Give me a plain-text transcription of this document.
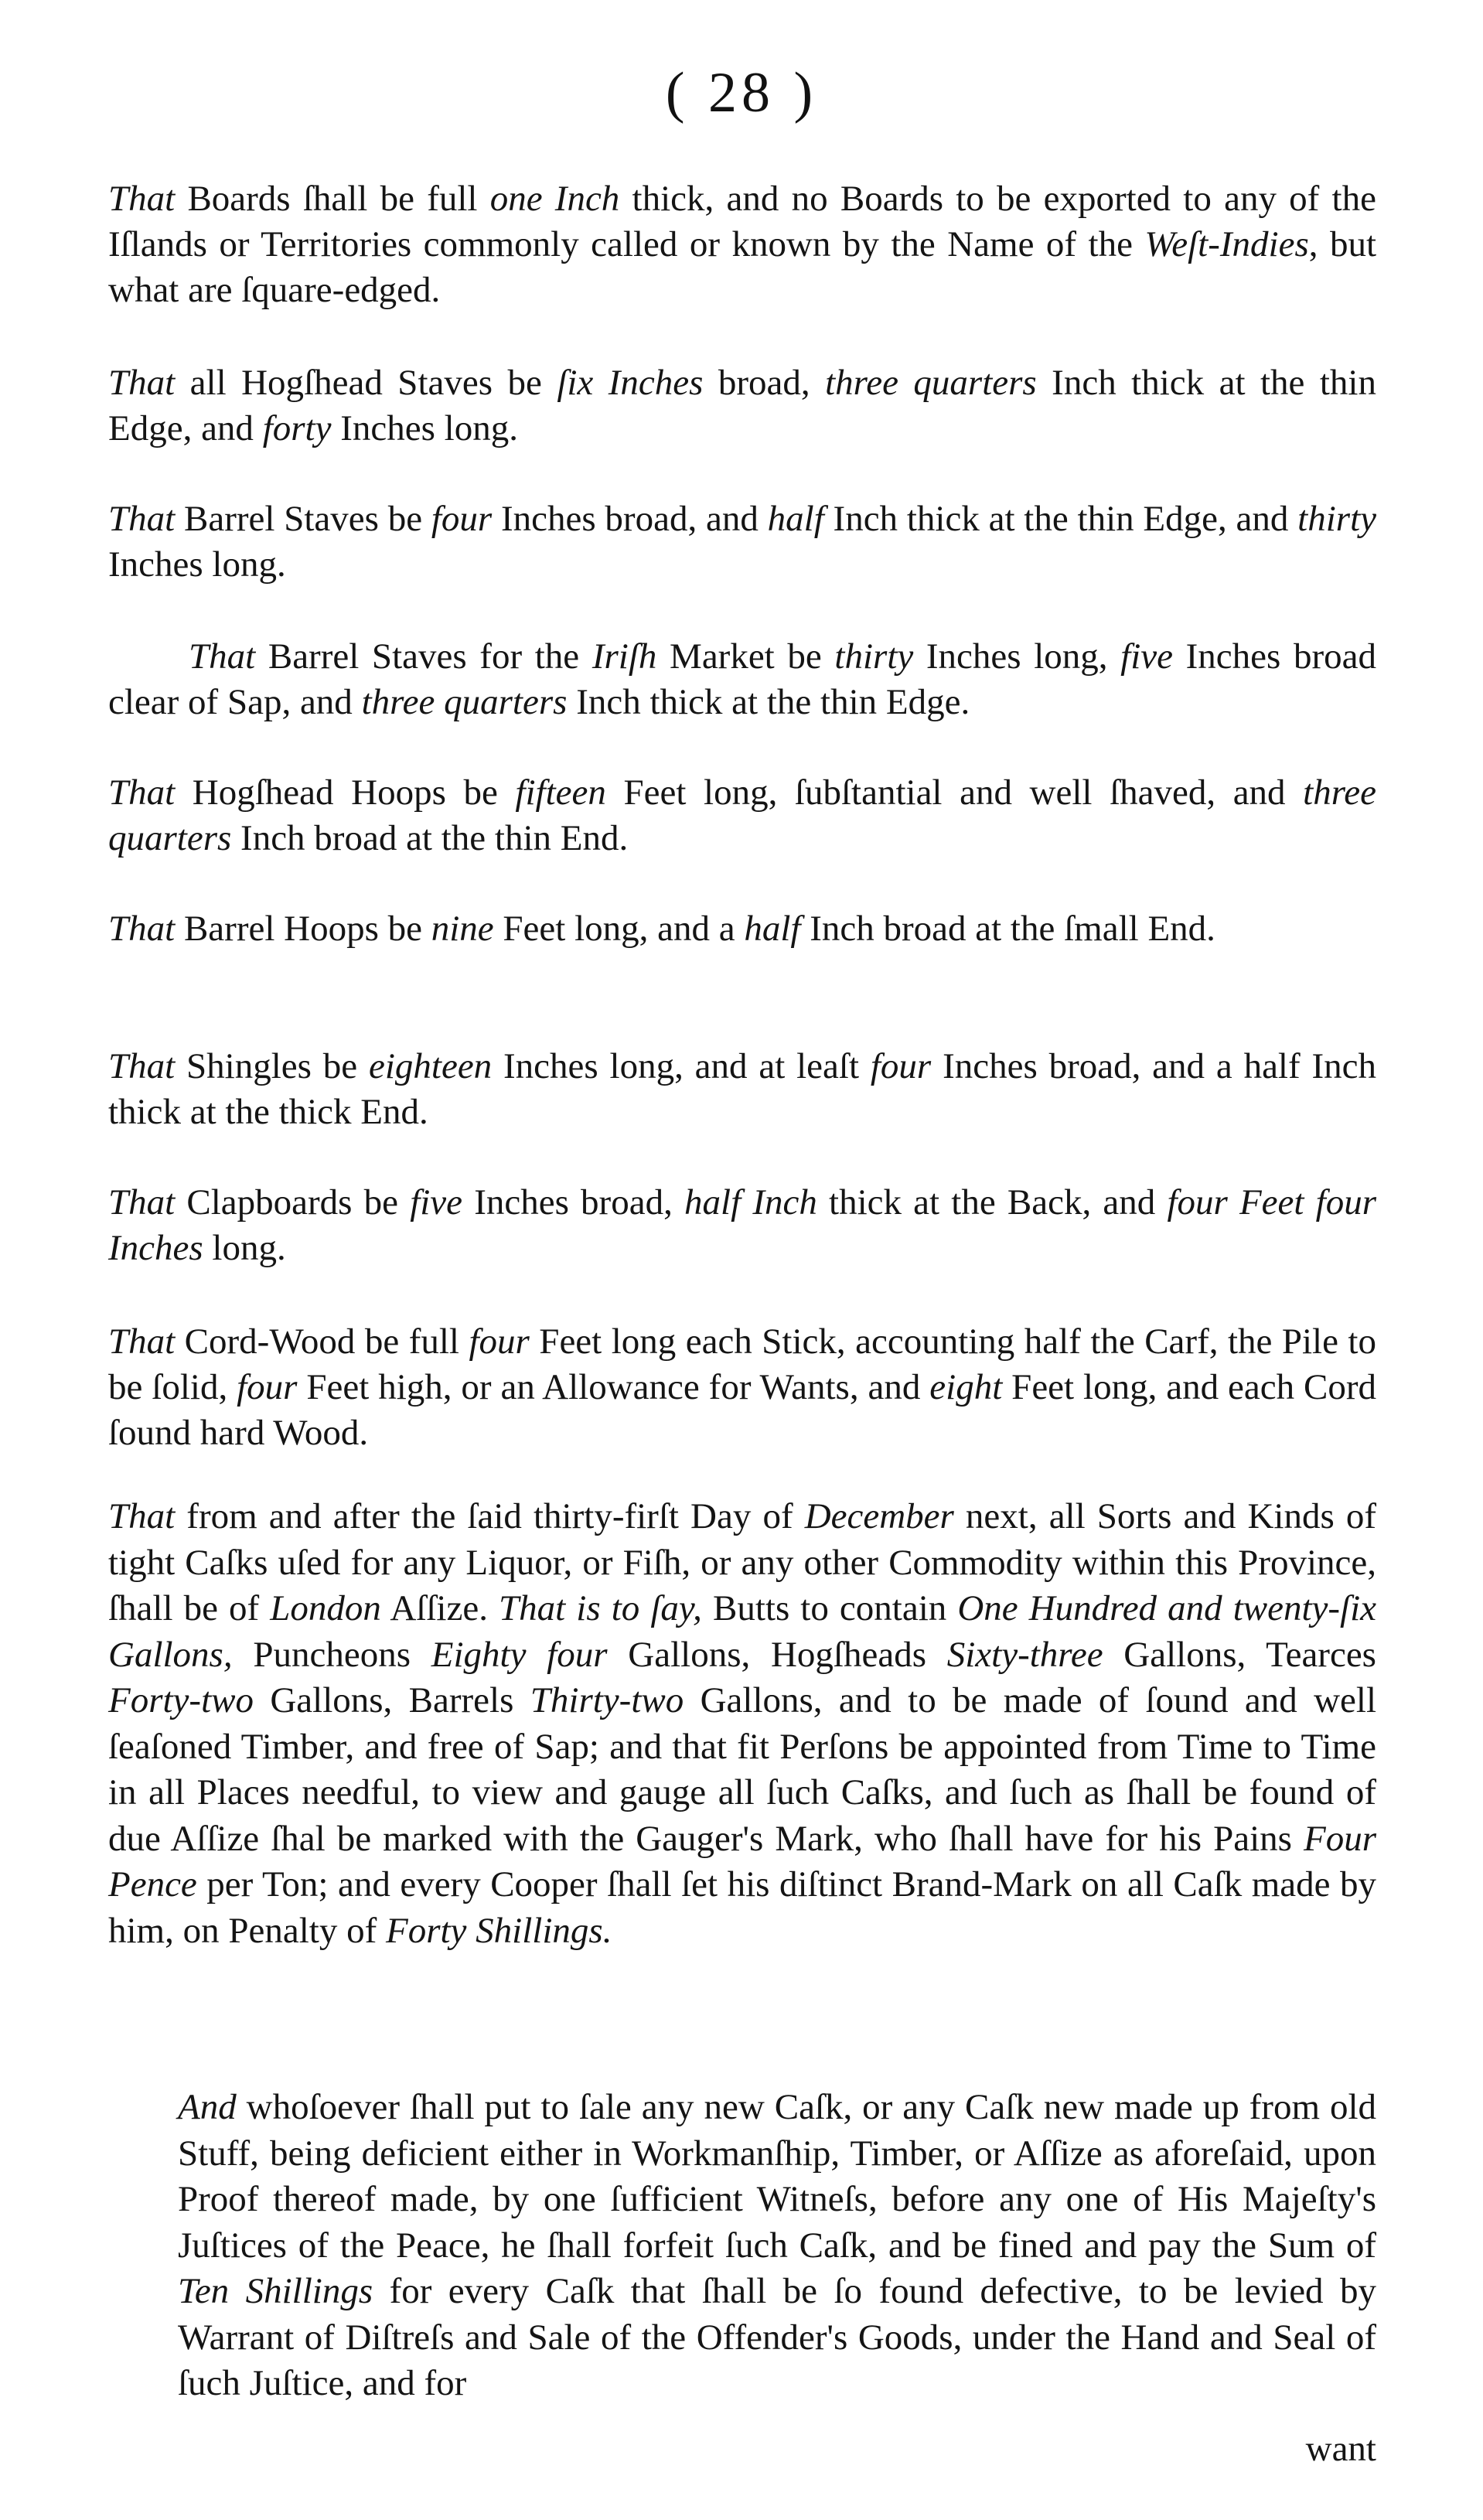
( 28 )

That Boards ſhall be full one Inch thick, and no Boards to be exported to any of the Iſlands or Territories commonly called or known by the Name of the Weſt-Indies, but what are ſquare-edged.

That all Hogſhead Staves be ſix Inches broad, three quarters Inch thick at the thin Edge, and forty Inches long.

That Barrel Staves be four Inches broad, and half Inch thick at the thin Edge, and thirty Inches long.

That Barrel Staves for the Iriſh Market be thirty Inches long, five Inches broad clear of Sap, and three quarters Inch thick at the thin Edge.

That Hogſhead Hoops be fifteen Feet long, ſubſtantial and well ſhaved, and three quarters Inch broad at the thin End.

That Barrel Hoops be nine Feet long, and a half Inch broad at the ſmall End.

That Shingles be eighteen Inches long, and at leaſt four Inches broad, and a half Inch thick at the thick End.

That Clapboards be five Inches broad, half Inch thick at the Back, and four Feet four Inches long.

That Cord-Wood be full four Feet long each Stick, accounting half the Carf, the Pile to be ſolid, four Feet high, or an Allowance for Wants, and eight Feet long, and each Cord ſound hard Wood.

That from and after the ſaid thirty-firſt Day of December next, all Sorts and Kinds of tight Caſks uſed for any Liquor, or Fiſh, or any other Commodity within this Province, ſhall be of London Aſſize. That is to ſay, Butts to contain One Hundred and twenty-ſix Gallons, Puncheons Eighty four Gallons, Hogſheads Sixty-three Gallons, Tearces Forty-two Gallons, Barrels Thirty-two Gallons, and to be made of ſound and well ſeaſoned Timber, and free of Sap; and that fit Perſons be appointed from Time to Time in all Places needful, to view and gauge all ſuch Caſks, and ſuch as ſhall be found of due Aſſize ſhal be marked with the Gauger's Mark, who ſhall have for his Pains Four Pence per Ton; and every Cooper ſhall ſet his diſtinct Brand-Mark on all Caſk made by him, on Penalty of Forty Shillings.

And whoſoever ſhall put to ſale any new Caſk, or any Caſk new made up from old Stuff, being deficient either in Workmanſhip, Timber, or Aſſize as aforeſaid, upon Proof thereof made, by one ſufficient Witneſs, before any one of His Majeſty's Juſtices of the Peace, he ſhall forfeit ſuch Caſk, and be fined and pay the Sum of Ten Shillings for every Caſk that ſhall be ſo found defective, to be levied by Warrant of Diſtreſs and Sale of the Offender's Goods, under the Hand and Seal of ſuch Juſtice, and for

want
